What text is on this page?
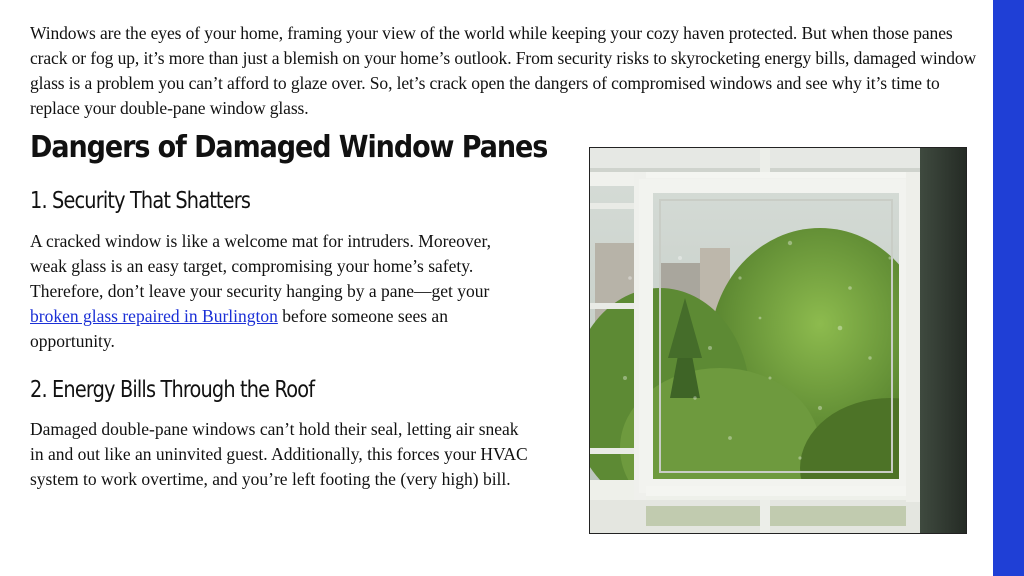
Windows are the eyes of your home, framing your view of the world while keeping your cozy haven protected. But when those panes crack or fog up, it’s more than just a blemish on your home’s outlook. From security risks to skyrocketing energy bills, damaged window glass is a problem you can’t afford to glaze over. So, let’s crack open the dangers of compromised windows and see why it’s time to replace your double-pane window glass.

Dangers of Damaged Window Panes
1. Security That Shatters

A cracked window is like a welcome mat for intruders. Moreover, weak glass is an easy target, compromising your home’s safety. Therefore, don’t leave your security hanging by a pane—get your broken glass repaired in Burlington before someone sees an opportunity.

2. Energy Bills Through the Roof

Damaged double-pane windows can’t hold their seal, letting air sneak in and out like an uninvited guest. Additionally, this forces your HVAC system to work overtime, and you’re left footing the (very high) bill.
